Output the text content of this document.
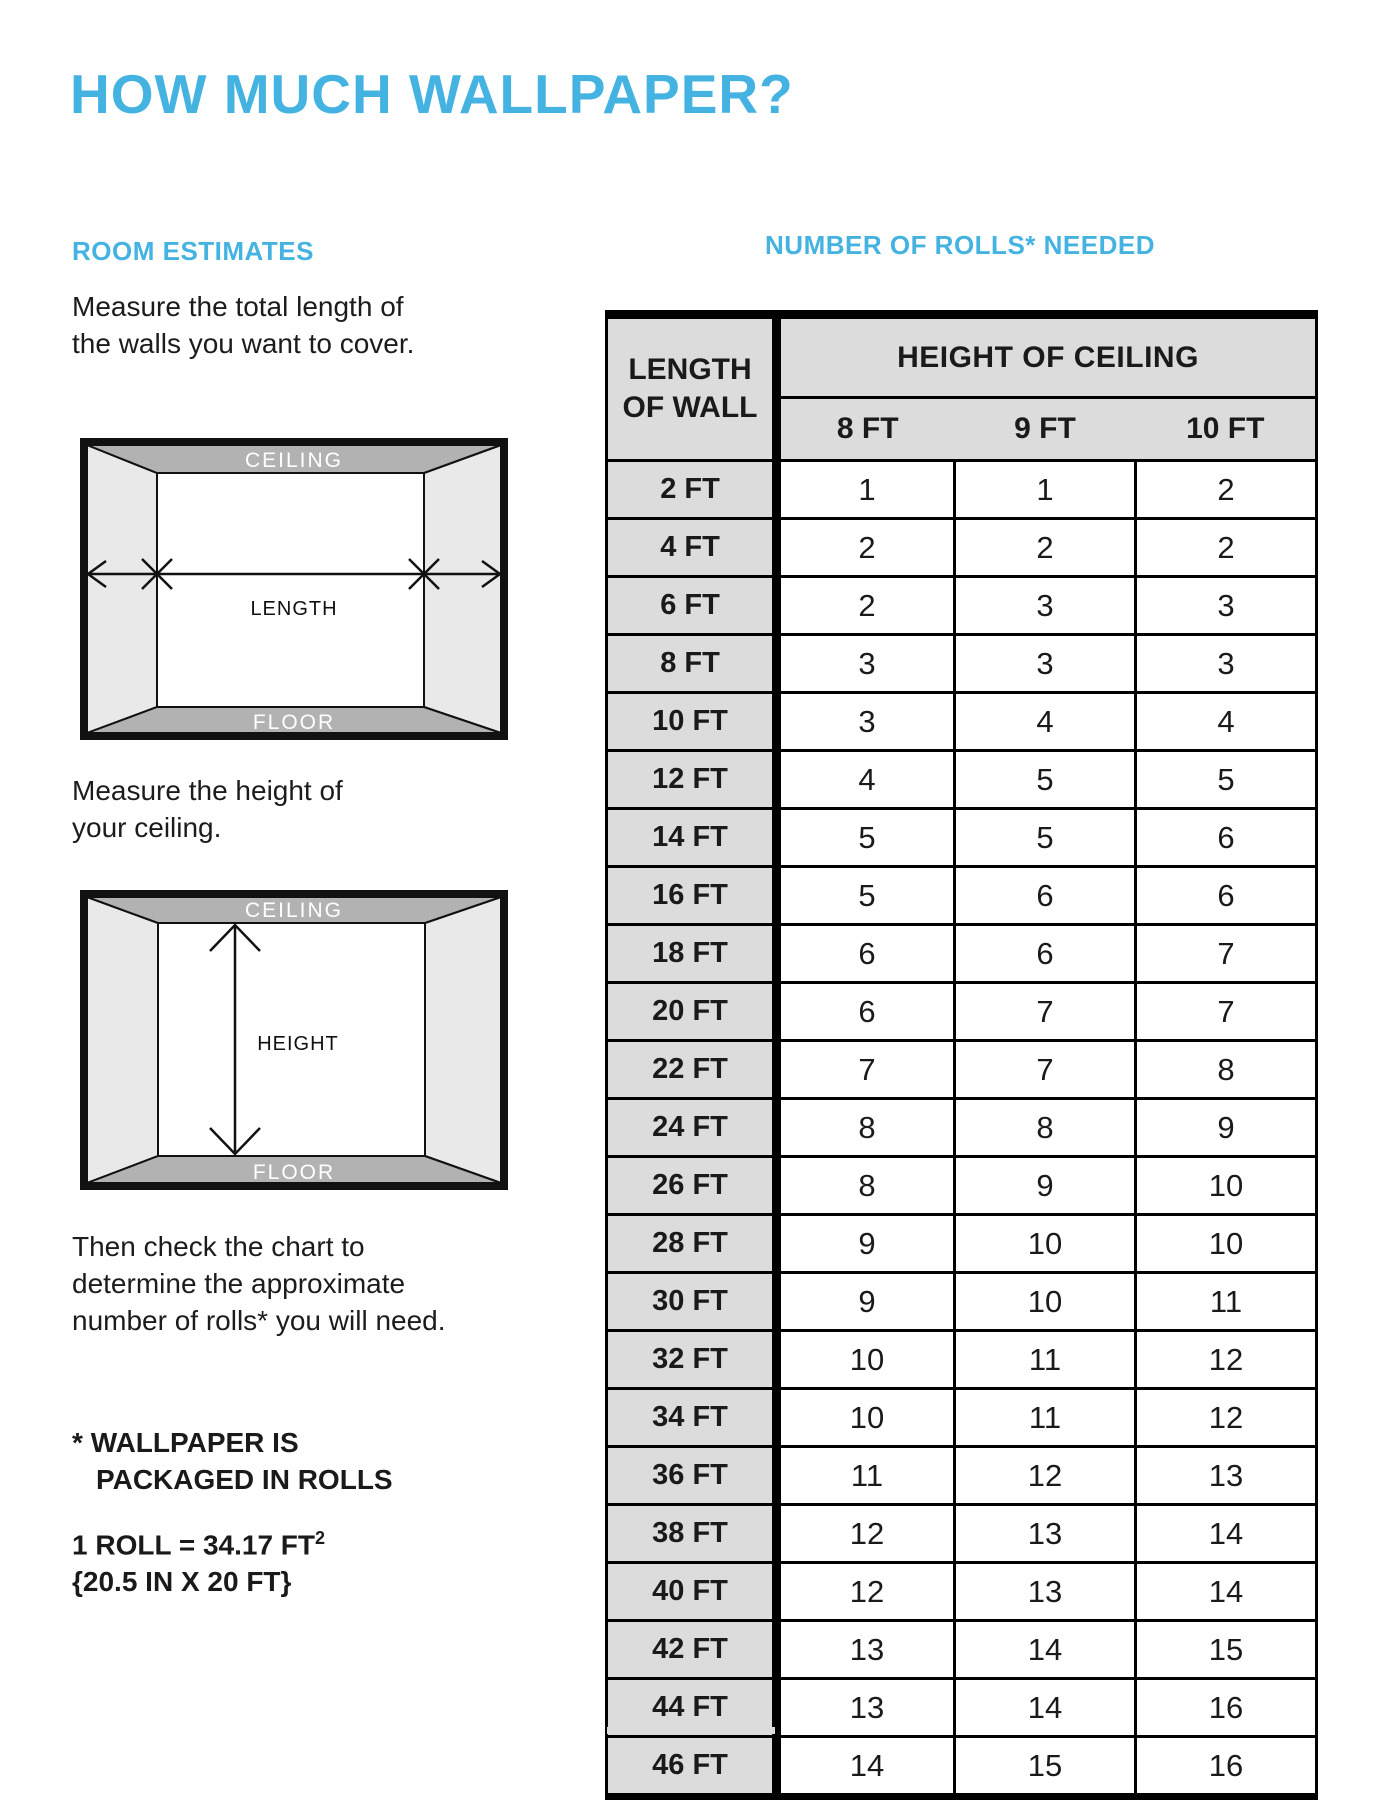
HOW MUCH WALLPAPER?
ROOM ESTIMATES
Measure the total length of
the walls you want to cover.
CEILING
FLOOR
LENGTH
Measure the height of
your ceiling.
CEILING
FLOOR
HEIGHT
Then check the chart to
determine the approximate
number of rolls* you will need.
* WALLPAPER IS
PACKAGED IN ROLLS
1 ROLL = 34.17 $FT^2$
{20.5 IN X 20 FT}
NUMBER OF ROLLS* NEEDED
LENGTH
OF WALL	HEIGHT OF CEILING		
	8 FT	9 FT	10 FT
2 FT	1	1	2
4 FT	2	2	2
6 FT	2	3	3
8 FT	3	3	3
10 FT	3	4	4
12 FT	4	5	5
14 FT	5	5	6
16 FT	5	6	6
18 FT	6	6	7
20 FT	6	7	7
22 FT	7	7	8
24 FT	8	8	9
26 FT	8	9	10
28 FT	9	10	10
30 FT	9	10	11
32 FT	10	11	12
34 FT	10	11	12
36 FT	11	12	13
38 FT	12	13	14
40 FT	12	13	14
42 FT	13	14	15
44 FT	13	14	16
46 FT	14	15	16
